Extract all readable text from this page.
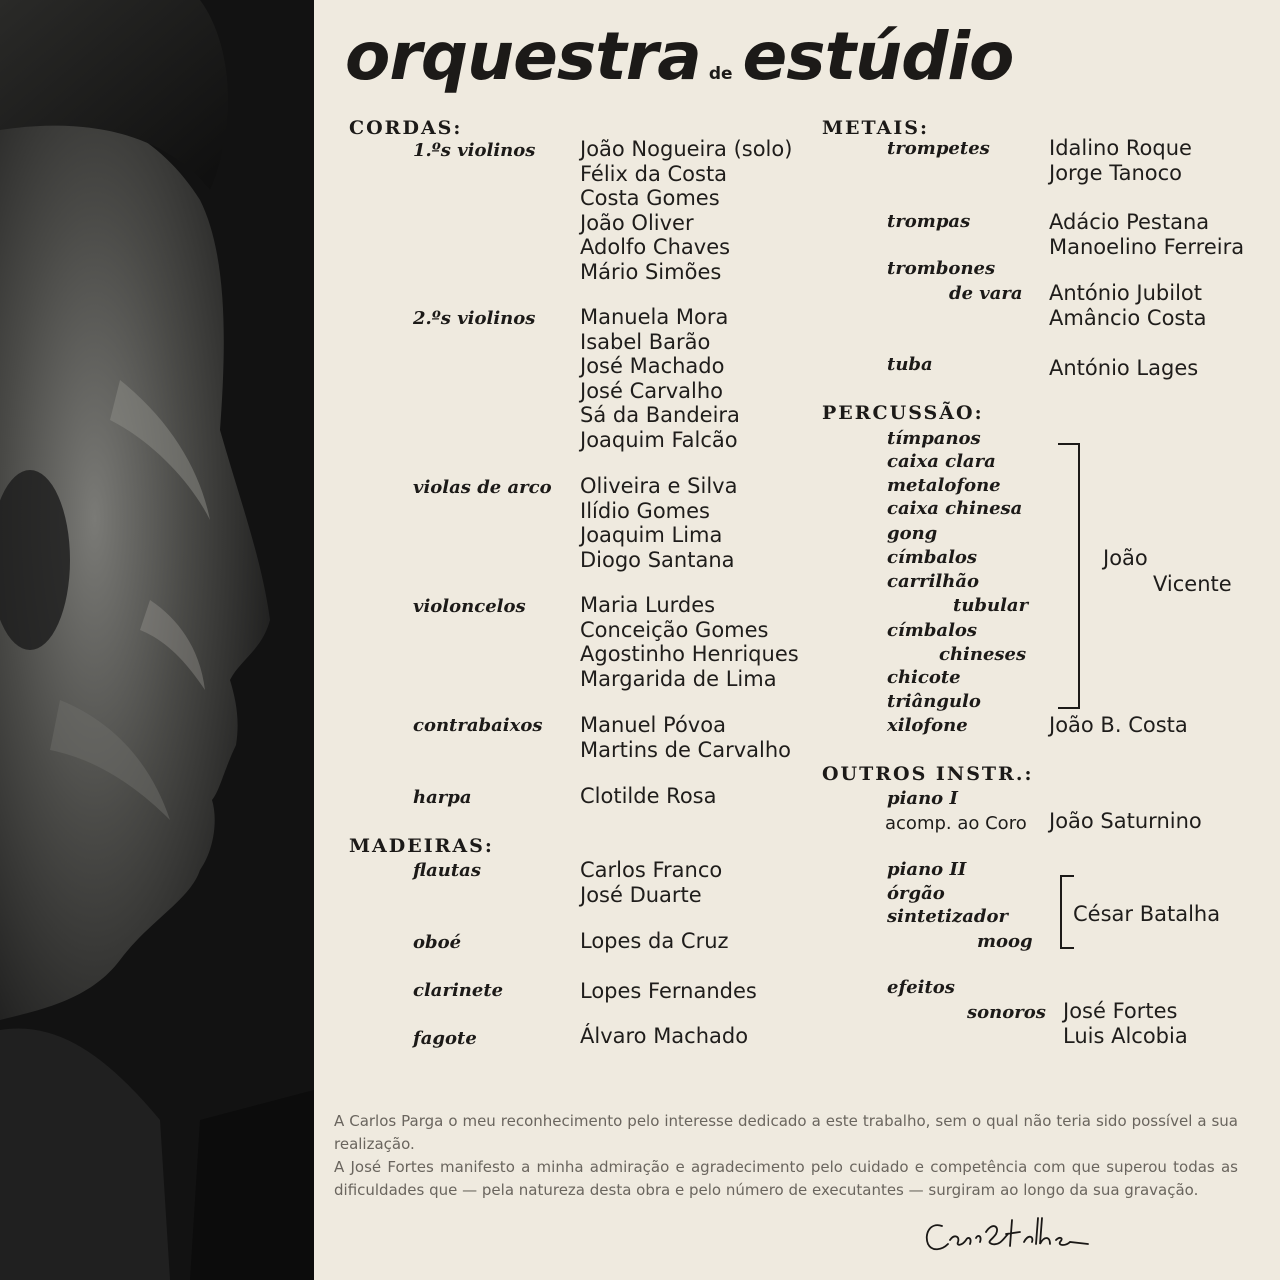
orquestra de estúdio
CORDAS:
1.ºs violinos João Nogueira (solo)
Félix da Costa
Costa Gomes
João Oliver
Adolfo Chaves
Mário Simões
2.ºs violinos Manuela Mora
Isabel Barão
José Machado
José Carvalho
Sá da Bandeira
Joaquim Falcão
violas de arco Oliveira e Silva
Ilídio Gomes
Joaquim Lima
Diogo Santana
violoncelos	Maria Lurdes
Conceição Gomes
Agostinho Henriques
Margarida de Lima
contrabaixos Manuel Póvoa
Martins de Carvalho
harpa	Clotilde Rosa
MADEIRAS:
flautas	Carlos Franco
José Duarte
oboé	Lopes da Cruz
clarinete	Lopes Fernandes
fagote	Álvaro Machado
METAIS:
trompetes	Idalino Roque
Jorge Tanoco
trompas	Adácio Pestana
Manoelino Ferreira
trombones
de vara António Jubilot
Amâncio Costa
tuba	António Lages
PERCUSSÃO:
tímpanos
caixa clara
metalofone
caixa chinesa
gong
címbalos
carrilhão
tubular
címbalos
chineses
chicote
triângulo
João
Vicente
xilofone	João B. Costa
OUTROS INSTR.:
piano I
acomp. ao Coro João Saturnino
piano II
órgão
sintetizador
moog
César Batalha
efeitos
sonoros José Fortes
Luis Alcobia

A Carlos Parga o meu reconhecimento pelo interesse dedicado a este trabalho, sem o qual não teria sido possível a sua realização.

A José Fortes manifesto a minha admiração e agradecimento pelo cuidado e competência com que superou todas as dificuldades que — pela natureza desta obra e pelo número de executantes — surgiram ao longo da sua gravação.
